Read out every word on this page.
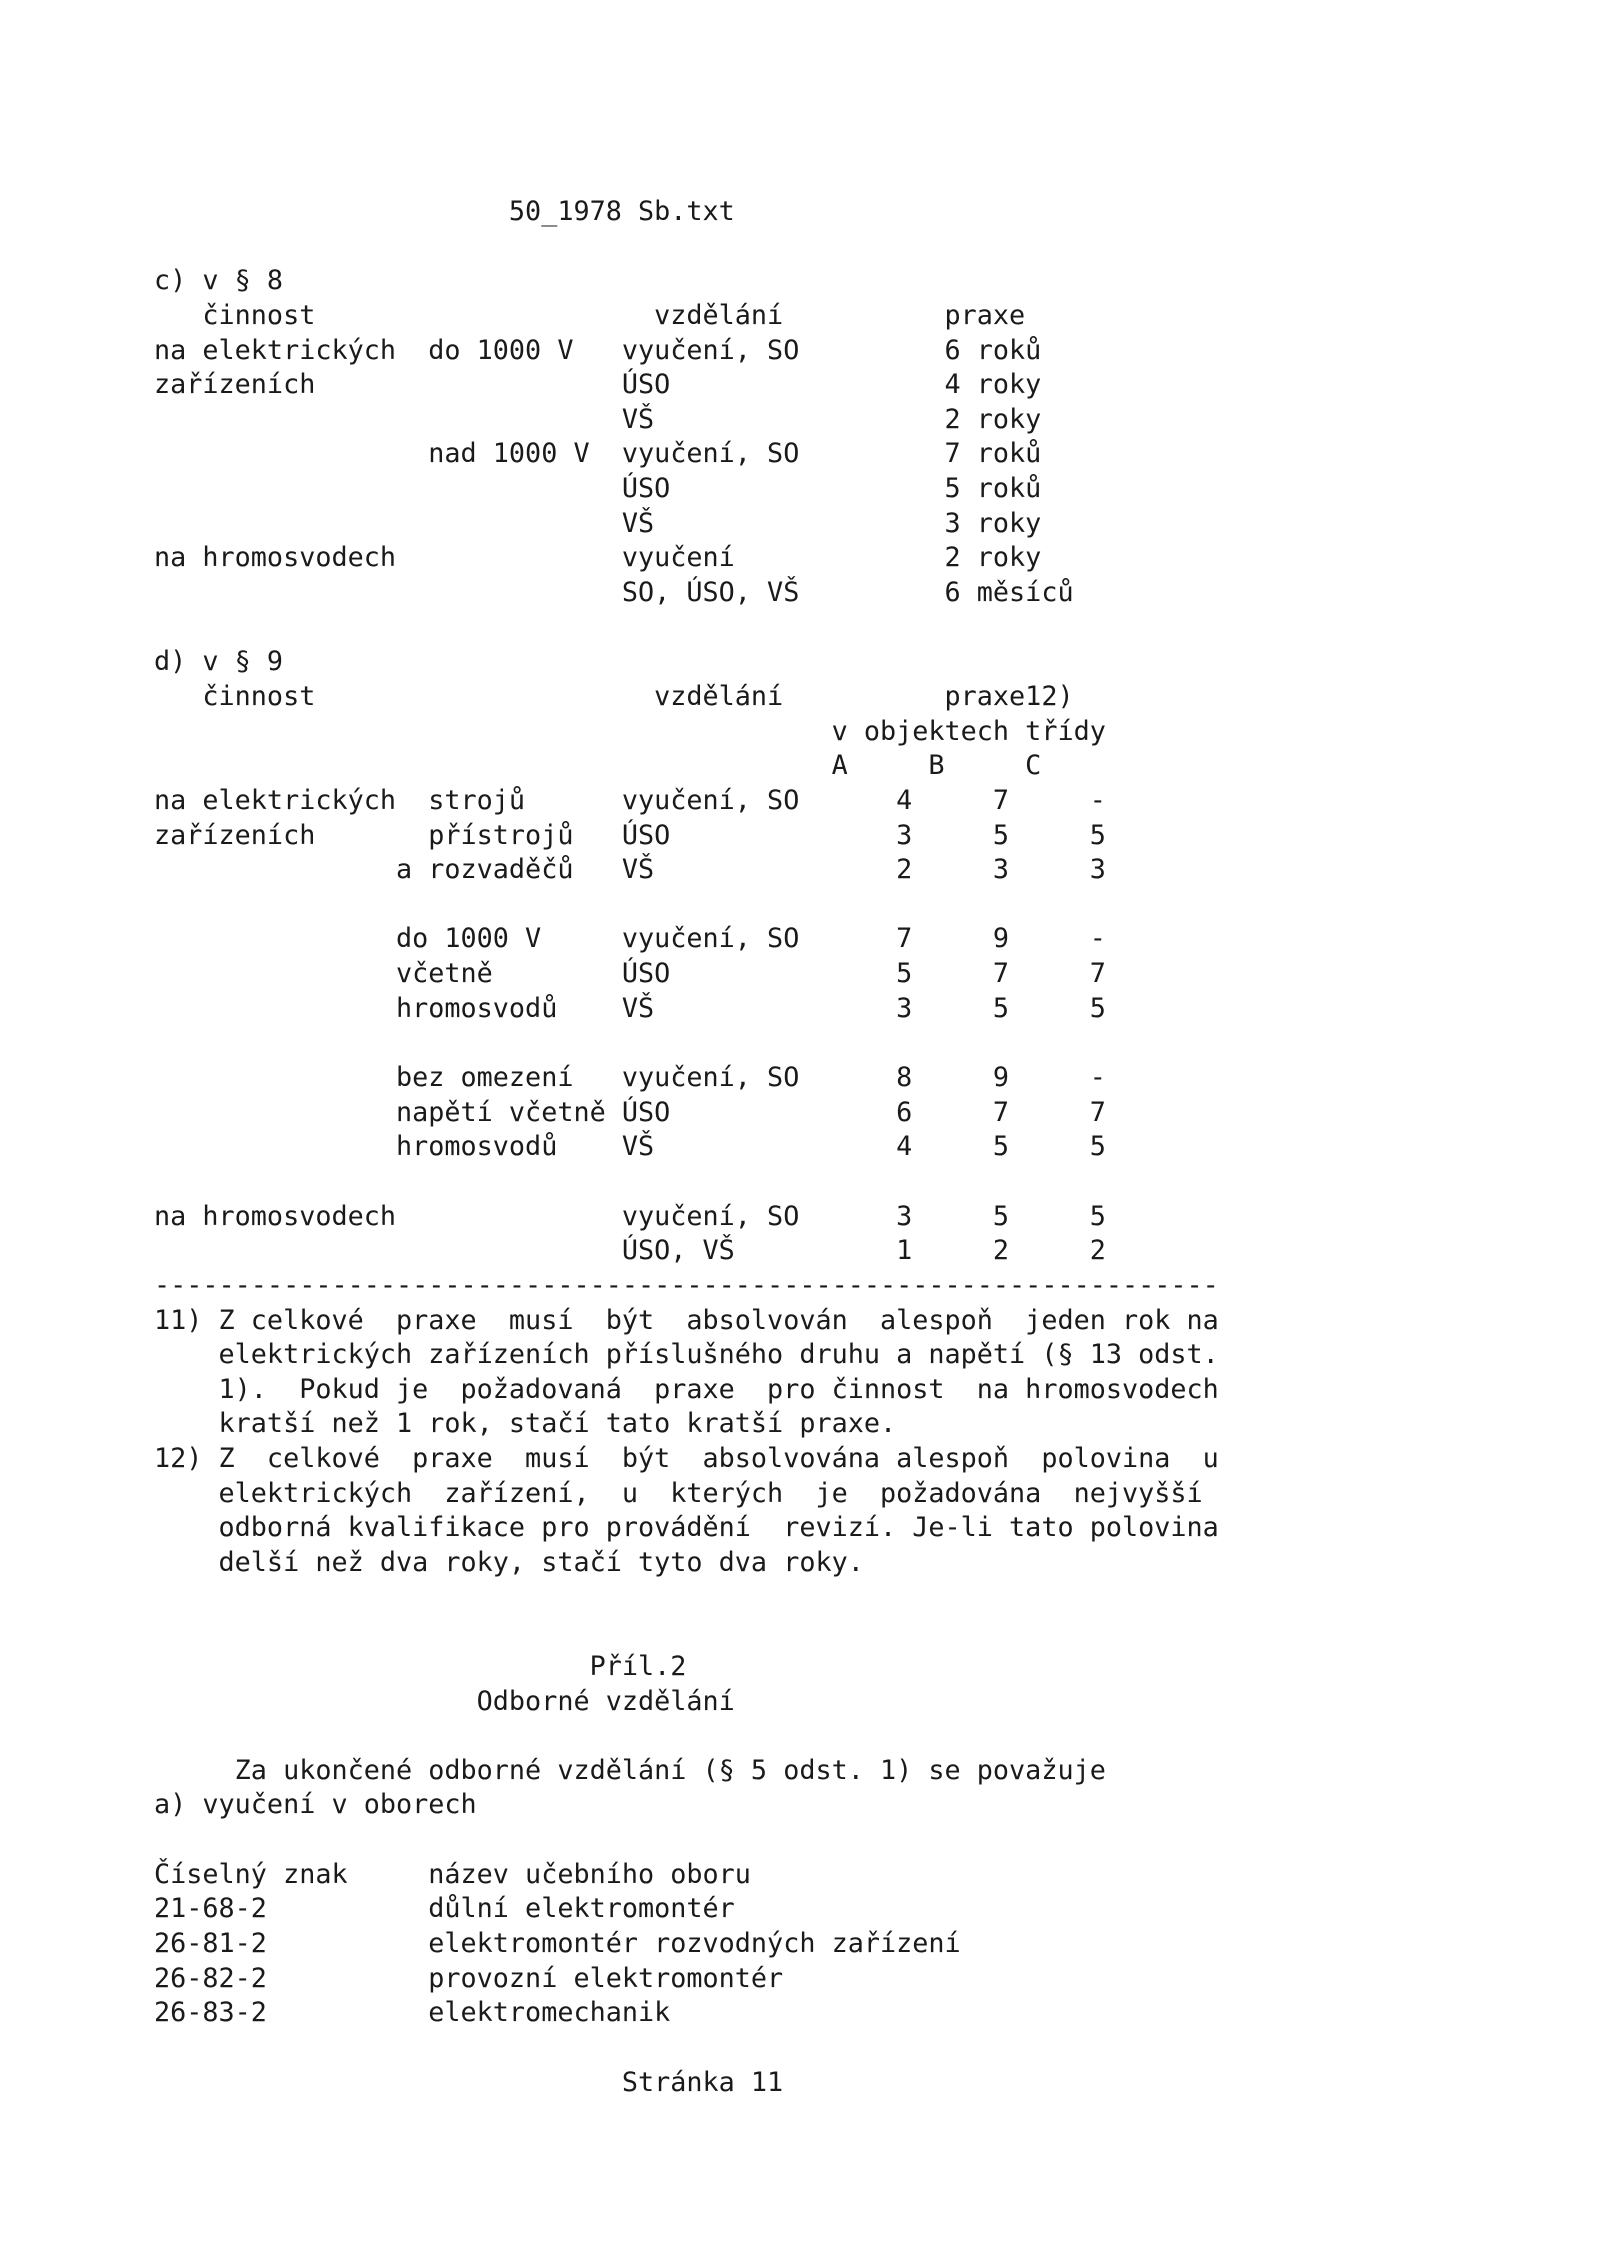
50_1978 Sb.txt
c) v § 8
činnost                     vzdělání          praxe
na elektrických  do 1000 V   vyučení, SO         6 roků
zařízeních                   ÚSO                 4 roky
VŠ                  2 roky
nad 1000 V  vyučení, SO         7 roků
ÚSO                 5 roků
VŠ                  3 roky
na hromosvodech              vyučení             2 roky
SO, ÚSO, VŠ         6 měsíců
d) v § 9
činnost                     vzdělání          praxe12)
v objektech třídy
A     B     C
na elektrických  strojů      vyučení, SO      4     7     -
zařízeních       přístrojů   ÚSO              3     5     5
a rozvaděčů   VŠ               2     3     3
do 1000 V     vyučení, SO      7     9     -
včetně        ÚSO              5     7     7
hromosvodů    VŠ               3     5     5
bez omezení   vyučení, SO      8     9     -
napětí včetně ÚSO              6     7     7
hromosvodů    VŠ               4     5     5
na hromosvodech              vyučení, SO      3     5     5
ÚSO, VŠ          1     2     2
------------------------------------------------------------------
11) Z celkové  praxe  musí  být  absolvován  alespoň  jeden rok na
elektrických zařízeních příslušného druhu a napětí (§ 13 odst.
1).  Pokud je  požadovaná  praxe  pro činnost  na hromosvodech
kratší než 1 rok, stačí tato kratší praxe.
12) Z  celkové  praxe  musí  být  absolvována alespoň  polovina  u
elektrických  zařízení,  u  kterých  je  požadována  nejvyšší
odborná kvalifikace pro provádění  revizí. Je-li tato polovina
delší než dva roky, stačí tyto dva roky.
Příl.2
Odborné vzdělání
Za ukončené odborné vzdělání (§ 5 odst. 1) se považuje
a) vyučení v oborech
Číselný znak     název učebního oboru
21-68-2          důlní elektromontér
26-81-2          elektromontér rozvodných zařízení
26-82-2          provozní elektromontér
26-83-2          elektromechanik
Stránka 11
